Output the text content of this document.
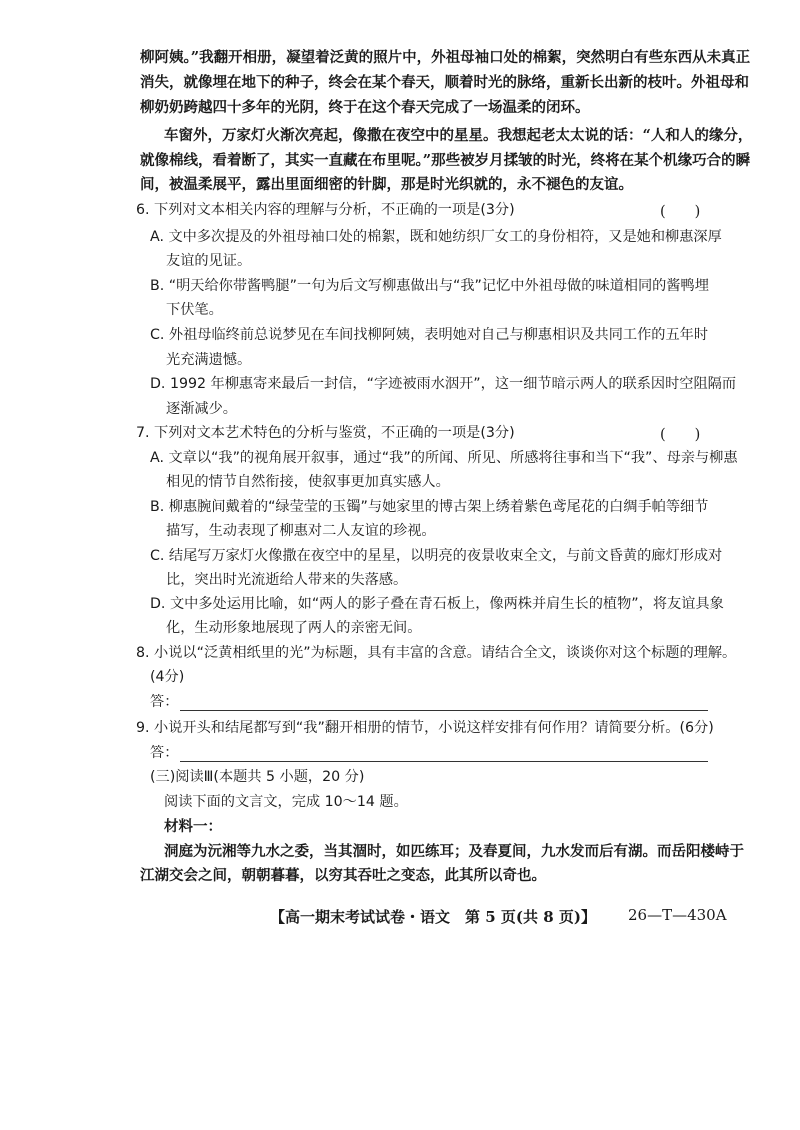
柳阿姨。”我翻开相册，凝望着泛黄的照片中，外祖母袖口处的棉絮，突然明白有些东西从未真正
消失，就像埋在地下的种子，终会在某个春天，顺着时光的脉络，重新长出新的枝叶。外祖母和
柳奶奶跨越四十多年的光阴，终于在这个春天完成了一场温柔的闭环。
车窗外，万家灯火渐次亮起，像撒在夜空中的星星。我想起老太太说的话：“人和人的缘分，
就像棉线，看着断了，其实一直藏在布里呢。”那些被岁月揉皱的时光，终将在某个机缘巧合的瞬
间，被温柔展平，露出里面细密的针脚，那是时光织就的，永不褪色的友谊。
6. 下列对文本相关内容的理解与分析，不正确的一项是(3分)	(　　)
A. 文中多次提及的外祖母袖口处的棉絮，既和她纺织厂女工的身份相符，又是她和柳惠深厚
友谊的见证。
B. “明天给你带酱鸭腿”一句为后文写柳惠做出与“我”记忆中外祖母做的味道相同的酱鸭埋
下伏笔。
C. 外祖母临终前总说梦见在车间找柳阿姨，表明她对自己与柳惠相识及共同工作的五年时
光充满遗憾。
D. 1992 年柳惠寄来最后一封信，“字迹被雨水洇开”，这一细节暗示两人的联系因时空阻隔而
逐渐减少。
7. 下列对文本艺术特色的分析与鉴赏，不正确的一项是(3分)	(　　)
A. 文章以“我”的视角展开叙事，通过“我”的所闻、所见、所感将往事和当下“我”、母亲与柳惠
相见的情节自然衔接，使叙事更加真实感人。
B. 柳惠腕间戴着的“绿莹莹的玉镯”与她家里的博古架上绣着紫色鸢尾花的白绸手帕等细节
描写，生动表现了柳惠对二人友谊的珍视。
C. 结尾写万家灯火像撒在夜空中的星星，以明亮的夜景收束全文，与前文昏黄的廊灯形成对
比，突出时光流逝给人带来的失落感。
D. 文中多处运用比喻，如“两人的影子叠在青石板上，像两株并肩生长的植物”，将友谊具象
化，生动形象地展现了两人的亲密无间。
8. 小说以“泛黄相纸里的光”为标题，具有丰富的含意。请结合全文，谈谈你对这个标题的理解。
(4分)
答：
9. 小说开头和结尾都写到“我”翻开相册的情节，小说这样安排有何作用？请简要分析。(6分)
答：
(三)阅读Ⅲ(本题共 5 小题，20 分)
阅读下面的文言文，完成 10～14 题。
材料一：
洞庭为沅湘等九水之委，当其涸时，如匹练耳；及春夏间，九水发而后有湖。而岳阳楼峙于
江湖交会之间，朝朝暮暮，以穷其吞吐之变态，此其所以奇也。
【高一期末考试试卷・语文　第 5 页(共 8 页)】 26—T—430A
